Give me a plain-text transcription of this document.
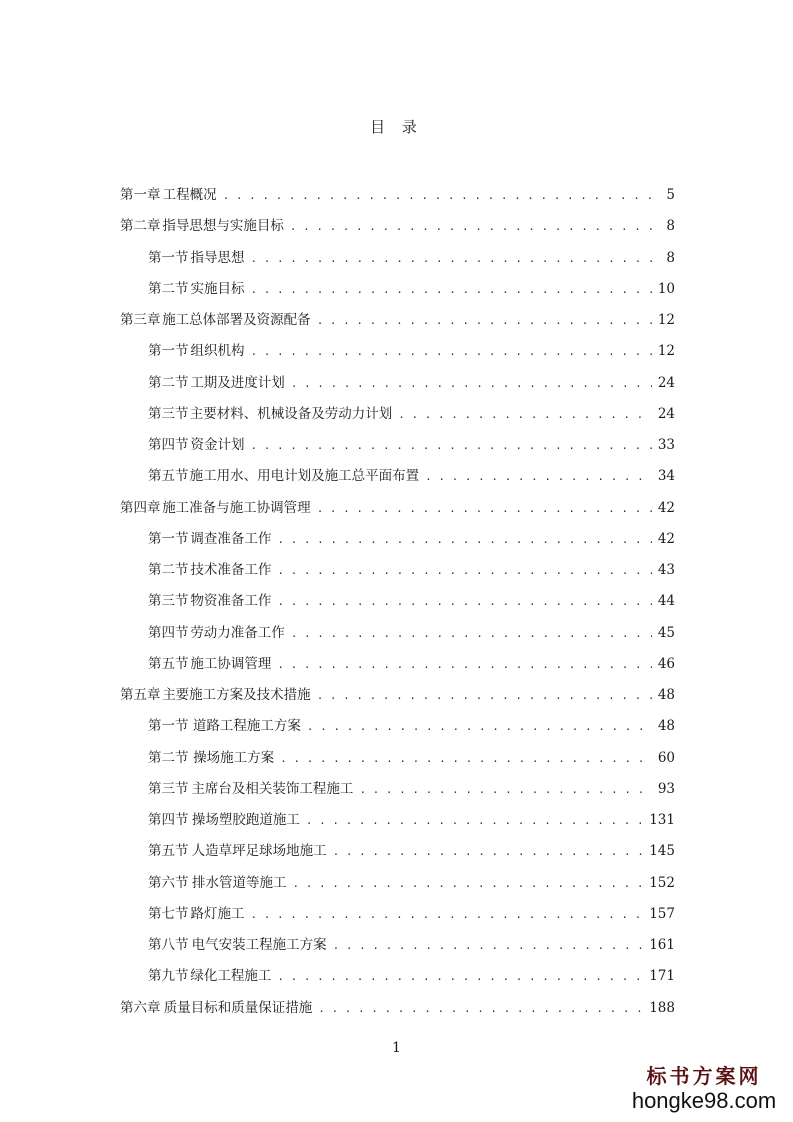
目 录
第一章 工程概况 . . .	5
第二章 指导思想与实施目标 . . .	8
第一节 指导思想 . . .	8
第二节 实施目标 . . .	10
第三章 施工总体部署及资源配备 . . .	12
第一节 组织机构 . . .	12
第二节 工期及进度计划 . . .	24
第三节 主要材料、机械设备及劳动力计划 . . .	24
第四节 资金计划 . . .	33
第五节 施工用水、用电计划及施工总平面布置 . . .	34
第四章 施工准备与施工协调管理 . . .	42
第一节 调查准备工作 . . .	42
第二节 技术准备工作 . . .	43
第三节 物资准备工作 . . .	44
第四节 劳动力准备工作 . . .	45
第五节 施工协调管理 . . .	46
第五章 主要施工方案及技术措施 . . .	48
第一节 道路工程施工方案 . . .	48
第二节 操场施工方案 . . .	60
第三节 主席台及相关装饰工程施工 . . .	93
第四节 操场塑胶跑道施工 . . .	131
第五节 人造草坪足球场地施工 . . .	145
第六节 排水管道等施工 . . .	152
第七节 路灯施工 . . .	157
第八节 电气安装工程施工方案 . . .	161
第九节 绿化工程施工 . . .	171
第六章 质量目标和质量保证措施 . . .	188
1
标书方案网
hongke98.com
